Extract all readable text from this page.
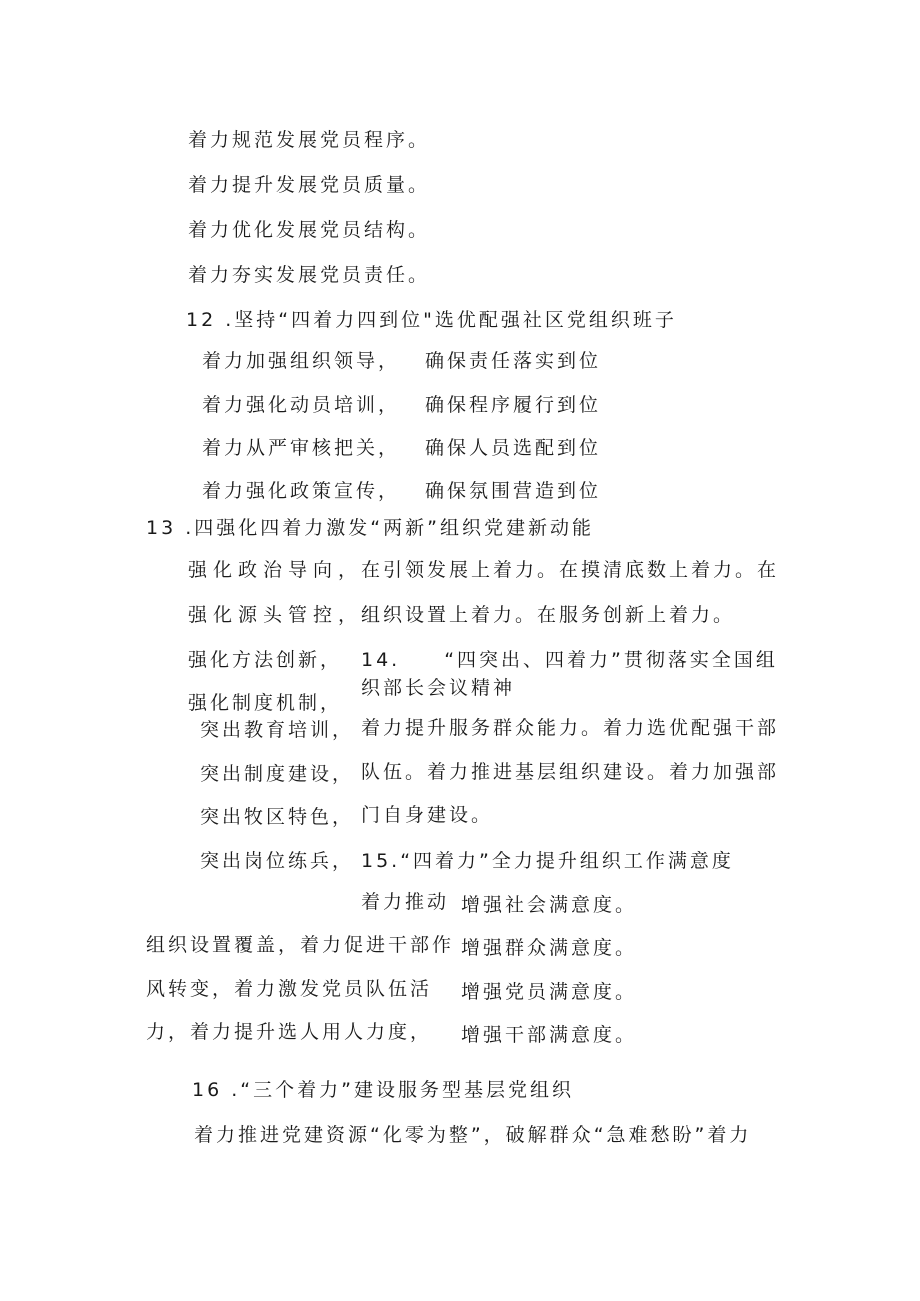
着力规范发展党员程序。
着力提升发展党员质量。
着力优化发展党员结构。
着力夯实发展党员责任。
12 .坚持“四着力四到位"选优配强社区党组织班子
着力加强组织领导， 确保责任落实到位
着力强化动员培训， 确保程序履行到位
着力从严审核把关， 确保人员选配到位
着力强化政策宣传， 确保氛围营造到位
13 .四强化四着力激发“两新”组织党建新动能
强化政治导向，
在引领发展上着力。在摸清底数上着力。在
强化源头管控，
组织设置上着力。在服务创新上着力。
强化方法创新， 14.　　“四突出、四着力”贯彻落实全国组
强化制度机制，
织部长会议精神
突出教育培训， 着力提升服务群众能力。着力选优配强干部
突出制度建设， 队伍。着力推进基层组织建设。着力加强部
突出牧区特色， 门自身建设。
突出岗位练兵， 15.“四着力”全力提升组织工作满意度
着力推动 增强社会满意度。
组织设置覆盖，着力促进干部作 增强群众满意度。
风转变，着力激发党员队伍活 增强党员满意度。
力，着力提升选人用人力度， 增强干部满意度。
16 .“三个着力”建设服务型基层党组织
着力推进党建资源“化零为整”，破解群众“急难愁盼”着力
